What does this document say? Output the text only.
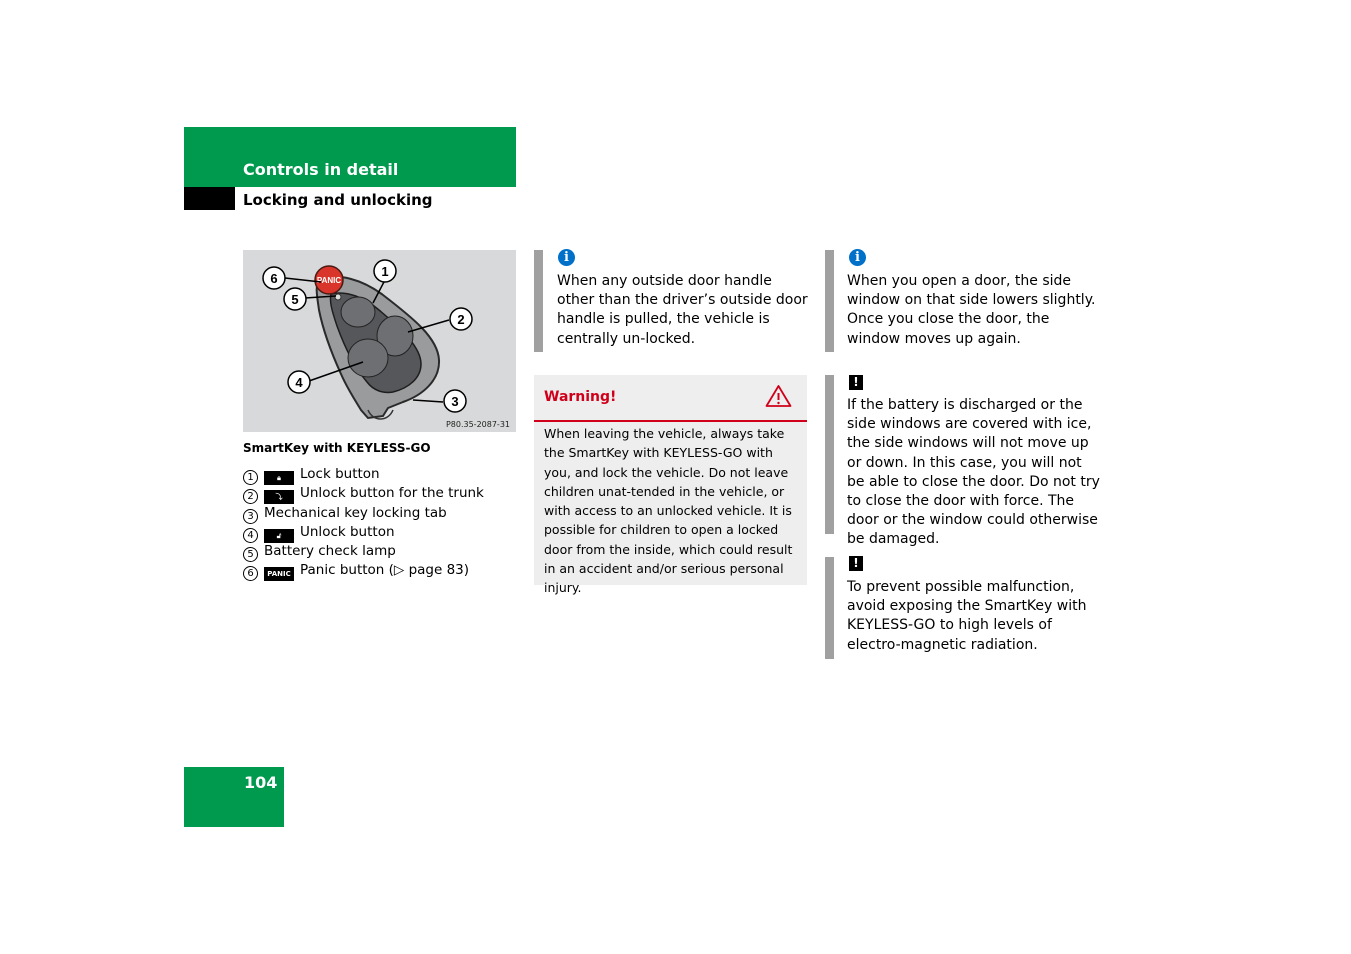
Controls in detail
Locking and unlocking
PANIC
1
2
3
4
5
6
P80.35-2087-31
SmartKey with KEYLESS-GO
1	🔒︎ Lock button
2	⤵ Unlock button for the trunk
3 Mechanical key locking tab
4	🔓︎ Unlock button
5 Battery check lamp
6 PANIC Panic button (▷ page 83)
i
When any outside door handle other than the driver’s outside door handle is pulled, the vehicle is centrally un-locked.
Warning!
When leaving the vehicle, always take the SmartKey with KEYLESS-GO with you, and lock the vehicle. Do not leave children unat-tended in the vehicle, or with access to an unlocked vehicle. It is possible for children to open a locked door from the inside, which could result in an accident and/or serious personal injury.
i
When you open a door, the side window on that side lowers slightly. Once you close the door, the window moves up again.
!
If the battery is discharged or the side windows are covered with ice, the side windows will not move up or down. In this case, you will not be able to close the door. Do not try to close the door with force. The door or the window could otherwise be damaged.
!
To prevent possible malfunction, avoid exposing the SmartKey with KEYLESS-GO to high levels of electro-magnetic radiation.
104
